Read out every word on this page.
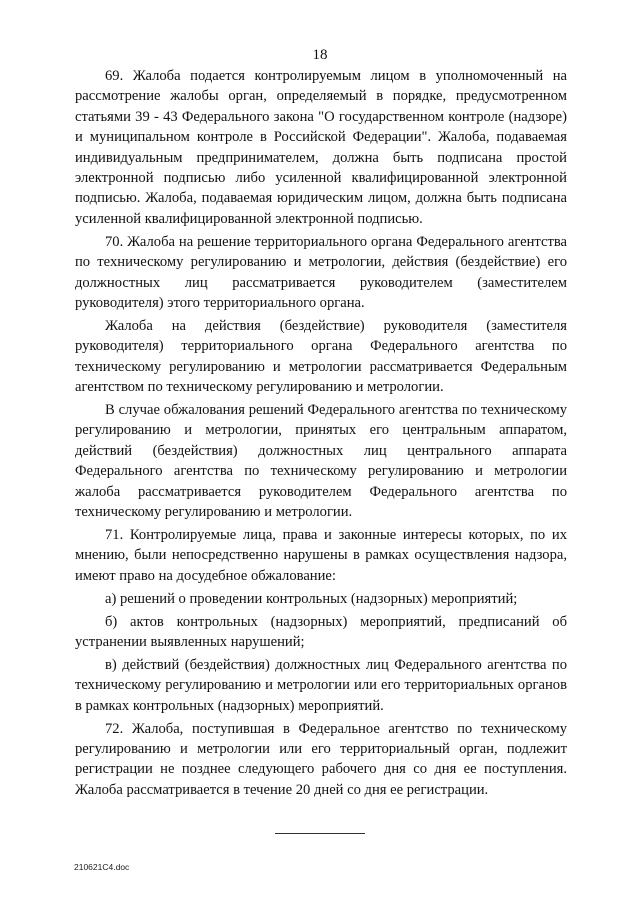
18

69. Жалоба подается контролируемым лицом в уполномоченный на рассмотрение жалобы орган, определяемый в порядке, предусмотренном статьями 39 - 43 Федерального закона "О государственном контроле (надзоре) и муниципальном контроле в Российской Федерации". Жалоба, подаваемая индивидуальным предпринимателем, должна быть подписана простой электронной подписью либо усиленной квалифицированной электронной подписью. Жалоба, подаваемая юридическим лицом, должна быть подписана усиленной квалифицированной электронной подписью.

70. Жалоба на решение территориального органа Федерального агентства по техническому регулированию и метрологии, действия (бездействие) его должностных лиц рассматривается руководителем (заместителем руководителя) этого территориального органа.

Жалоба на действия (бездействие) руководителя (заместителя руководителя) территориального органа Федерального агентства по техническому регулированию и метрологии рассматривается Федеральным агентством по техническому регулированию и метрологии.

В случае обжалования решений Федерального агентства по техническому регулированию и метрологии, принятых его центральным аппаратом, действий (бездействия) должностных лиц центрального аппарата Федерального агентства по техническому регулированию и метрологии жалоба рассматривается руководителем Федерального агентства по техническому регулированию и метрологии.

71. Контролируемые лица, права и законные интересы которых, по их мнению, были непосредственно нарушены в рамках осуществления надзора, имеют право на досудебное обжалование:

а) решений о проведении контрольных (надзорных) мероприятий;

б) актов контрольных (надзорных) мероприятий, предписаний об устранении выявленных нарушений;

в) действий (бездействия) должностных лиц Федерального агентства по техническому регулированию и метрологии или его территориальных органов в рамках контрольных (надзорных) мероприятий.

72. Жалоба, поступившая в Федеральное агентство по техническому регулированию и метрологии или его территориальный орган, подлежит регистрации не позднее следующего рабочего дня со дня ее поступления. Жалоба рассматривается в течение 20 дней со дня ее регистрации.

210621C4.doc
